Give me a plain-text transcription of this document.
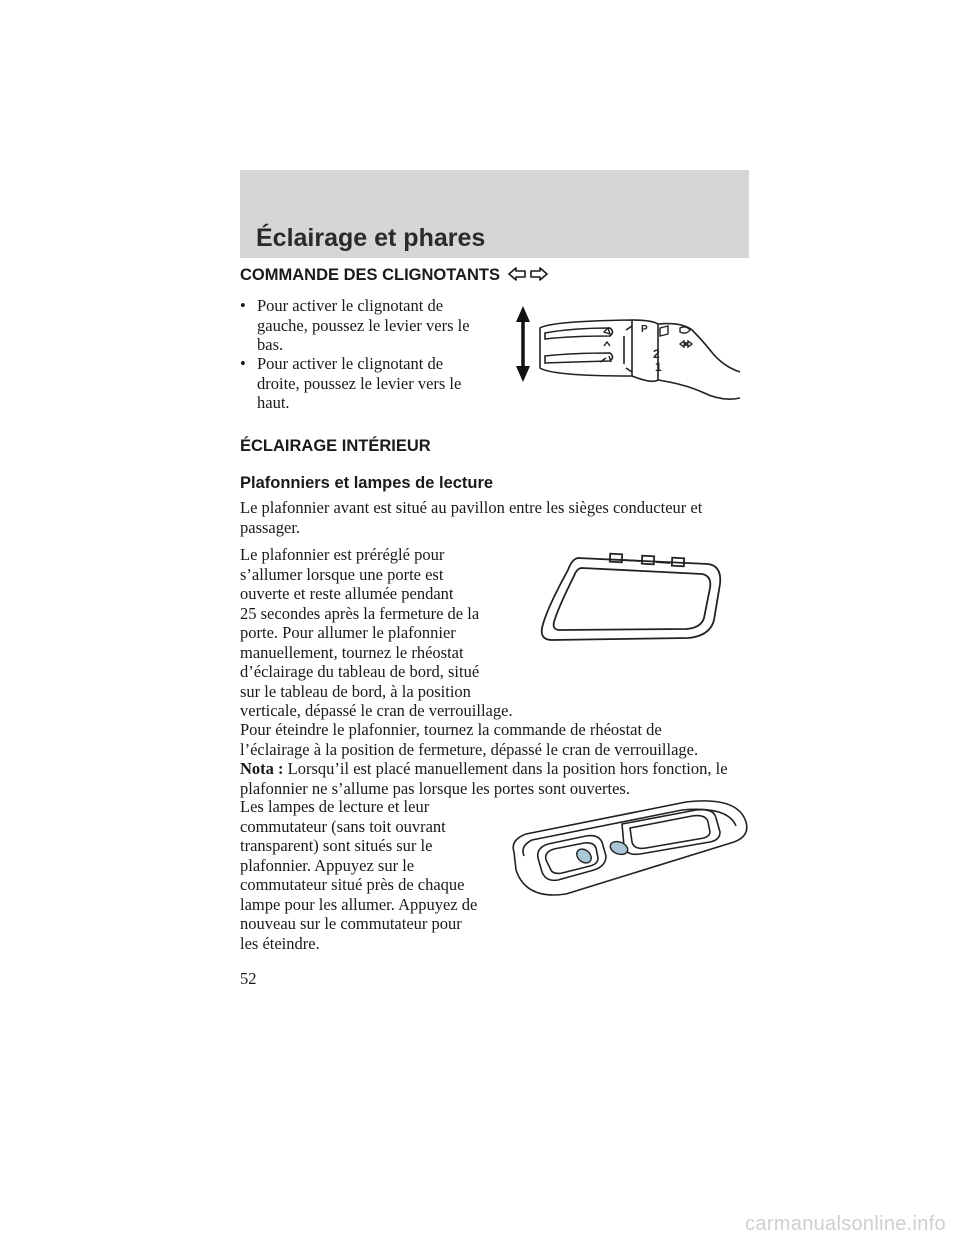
Éclairage et phares
COMMANDE DES CLIGNOTANTS
• Pour activer le clignotant de
gauche, poussez le levier vers le
bas.
• Pour activer le clignotant de
droite, poussez le levier vers le
haut.
P
2
1
ÉCLAIRAGE INTÉRIEUR
Plafonniers et lampes de lecture
Le plafonnier avant est situé au pavillon entre les sièges conducteur et
passager.
Le plafonnier est préréglé pour
s’allumer lorsque une porte est
ouverte et reste allumée pendant
25 secondes après la fermeture de la
porte. Pour allumer le plafonnier
manuellement, tournez le rhéostat
d’éclairage du tableau de bord, situé
sur le tableau de bord, à la position
verticale, dépassé le cran de verrouillage.
Pour éteindre le plafonnier, tournez la commande de rhéostat de
l’éclairage à la position de fermeture, dépassé le cran de verrouillage.
Nota : Lorsqu’il est placé manuellement dans la position hors fonction, le
plafonnier ne s’allume pas lorsque les portes sont ouvertes.
Les lampes de lecture et leur
commutateur (sans toit ouvrant
transparent) sont situés sur le
plafonnier. Appuyez sur le
commutateur situé près de chaque
lampe pour les allumer. Appuyez de
nouveau sur le commutateur pour
les éteindre.
52
carmanualsonline.info
